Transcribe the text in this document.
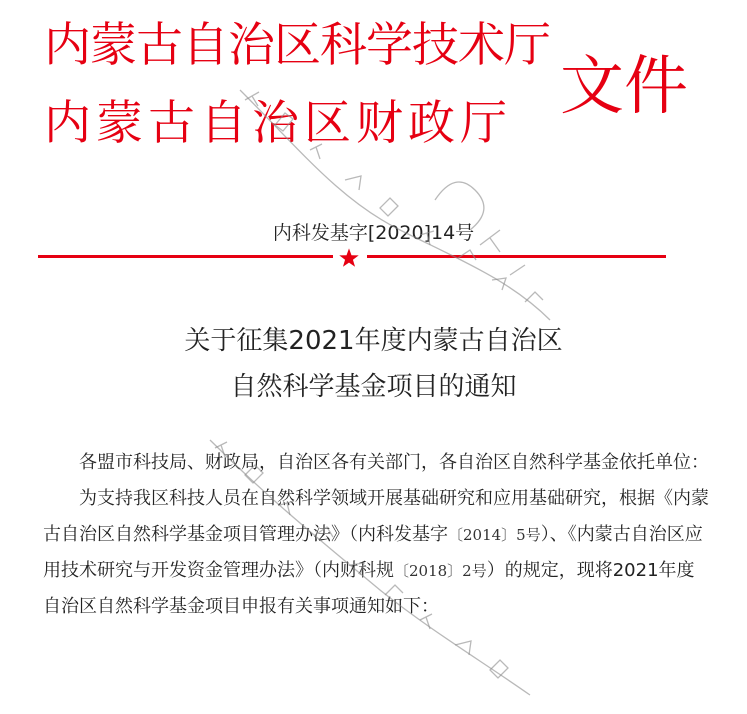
内蒙古自治区科学技术厅
内蒙古自治区财政厅 文件
内科发基字[2020]14号
关于征集2021年度内蒙古自治区
自然科学基金项目的通知

各盟市科技局、财政局，自治区各有关部门，各自治区自然科学基金依托单位：

为支持我区科技人员在自然科学领域开展基础研究和应用基础研究，根据《内蒙古自治区自然科学基金项目管理办法》（内科发基字〔2014〕5号）、《内蒙古自治区应用技术研究与开发资金管理办法》（内财科规〔2018〕2号）的规定，现将2021年度自治区自然科学基金项目申报有关事项通知如下：
